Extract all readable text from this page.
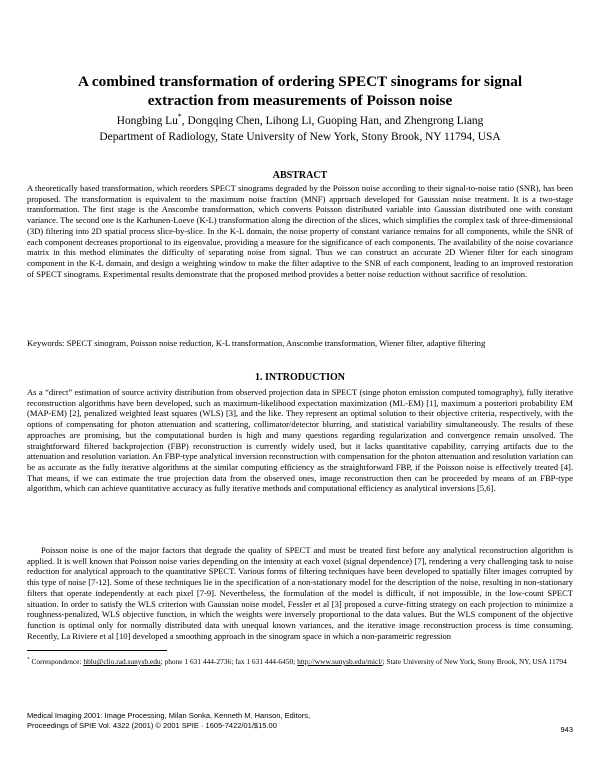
A combined transformation of ordering SPECT sinograms for signal
extraction from measurements of Poisson noise
Hongbing Lu*, Dongqing Chen, Lihong Li, Guoping Han, and Zhengrong Liang
Department of Radiology, State University of New York, Stony Brook, NY 11794, USA
ABSTRACT

A theoretically based transformation, which reorders SPECT sinograms degraded by the Poisson noise according to their signal-to-noise ratio (SNR), has been proposed. The transformation is equivalent to the maximum noise fraction (MNF) approach developed for Gaussian noise treatment. It is a two-stage transformation. The first stage is the Anscombe transformation, which converts Poisson distributed variable into Gaussian distributed one with constant variance. The second one is the Karhunen-Loeve (K-L) transformation along the direction of the slices, which simplifies the complex task of three-dimensional (3D) filtering into 2D spatial process slice-by-slice. In the K-L domain, the noise property of constant variance remains for all components, while the SNR of each component decreases proportional to its eigenvalue, providing a measure for the significance of each components. The availability of the noise covariance matrix in this method eliminates the difficulty of separating noise from signal. Thus we can construct an accurate 2D Wiener filter for each sinogram component in the K-L domain, and design a weighting window to make the filter adaptive to the SNR of each component, leading to an improved restoration of SPECT sinograms. Experimental results demonstrate that the proposed method provides a better noise reduction without sacrifice of resolution.

Keywords: SPECT sinogram, Poisson noise reduction, K-L transformation, Anscombe transformation, Wiener filter, adaptive filtering

1. INTRODUCTION

As a “direct” estimation of source activity distribution from observed projection data in SPECT (singe photon emission computed tomography), fully iterative reconstruction algorithms have been developed, such as maximum-likelihood expectation maximization (ML-EM) [1], maximum a posteriori probability EM (MAP-EM) [2], penalized weighted least squares (WLS) [3], and the like. They represent an optimal solution to their objective criteria, respectively, with the options of compensating for photon attenuation and scattering, collimator/detector blurring, and statistical variability simultaneously. The results of these approaches are promising, but the computational burden is high and many questions regarding regularization and convergence remain unsolved. The straightforward filtered backprojection (FBP) reconstruction is currently widely used, but it lacks quantitative capability, carrying artifacts due to the attenuation and resolution variation. An FBP-type analytical inversion reconstruction with compensation for the photon attenuation and resolution variation can be as accurate as the fully iterative algorithms at the similar computing efficiency as the straightforward FBP, if the Poisson noise is effectively treated [4]. That means, if we can estimate the true projection data from the observed ones, image reconstruction then can be proceeded by means of an FBP-type algorithm, which can achieve quantitative accuracy as fully iterative methods and computational efficiency as analytical inversions [5,6].

Poisson noise is one of the major factors that degrade the quality of SPECT and must be treated first before any analytical reconstruction algorithm is applied. It is well known that Poisson noise varies depending on the intensity at each voxel (signal dependence) [7], rendering a very challenging task to noise reduction for analytical approach to the quantitative SPECT. Various forms of filtering techniques have been developed to spatially filter images corrupted by this type of noise [7-12]. Some of these techniques lie in the specification of a non-stationary model for the description of the noise, resulting in non-stationary filters that operate independently at each pixel [7-9]. Nevertheless, the formulation of the model is difficult, if not impossible, in the low-count SPECT situation. In order to satisfy the WLS criterion with Gaussian noise model, Fessler et al [3] proposed a curve-fitting strategy on each projection to minimize a roughness-penalized, WLS objective function, in which the weights were inversely proportional to the data values. But the WLS component of the objective function is optimal only for normally distributed data with unequal known variances, and the iterative image reconstruction process is time consuming. Recently, La Riviere et al [10] developed a smoothing approach in the sinogram space in which a non-parametric regression

* Correspondence: hblu@clio.rad.sunysb.edu; phone 1 631 444-2736; fax 1 631 444-6450; http://www.sunysb.edu/micl/; State University of New York, Stony Brook, NY, USA 11794
Medical Imaging 2001: Image Processing, Milan Sonka, Kenneth M. Hanson, Editors,
Proceedings of SPIE Vol. 4322 (2001) © 2001 SPIE · 1605-7422/01/$15.00	943
